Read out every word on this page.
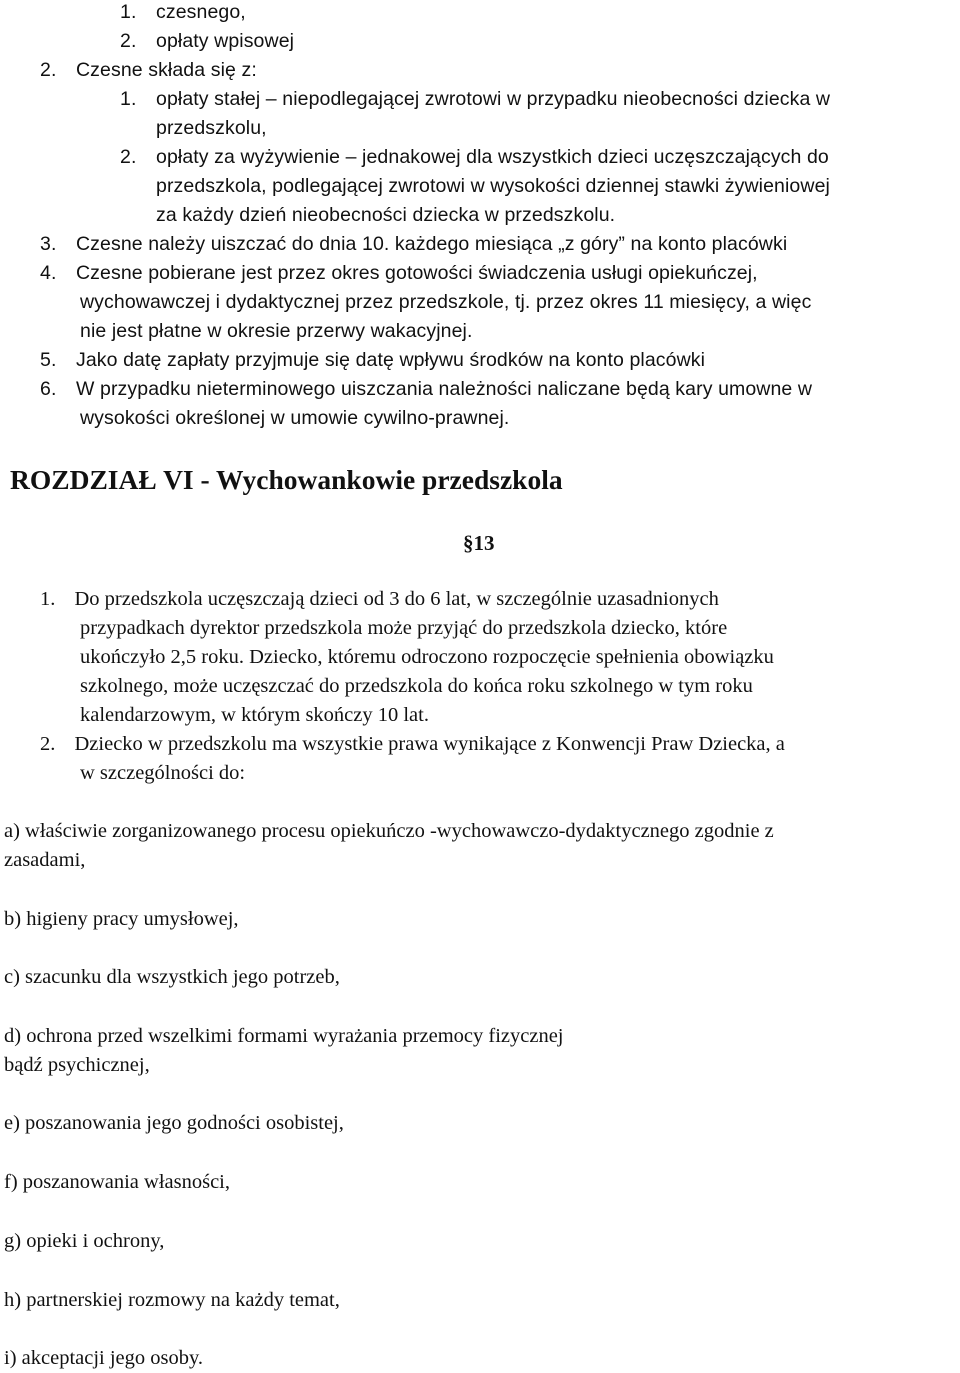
1. czesnego,
2. opłaty wpisowej
2. Czesne składa się z:
1. opłaty stałej – niepodlegającej zwrotowi w przypadku nieobecności dziecka w
przedszkolu,
2. opłaty za wyżywienie – jednakowej dla wszystkich dzieci uczęszczających do
przedszkola, podlegającej zwrotowi w wysokości dziennej stawki żywieniowej
za każdy dzień nieobecności dziecka w przedszkolu.
3. Czesne należy uiszczać do dnia 10. każdego miesiąca „z góry” na konto placówki
4. Czesne pobierane jest przez okres gotowości świadczenia usługi opiekuńczej,
wychowawczej i dydaktycznej przez przedszkole, tj. przez okres 11 miesięcy, a więc
nie jest płatne w okresie przerwy wakacyjnej.
5. Jako datę zapłaty przyjmuje się datę wpływu środków na konto placówki
6. W przypadku nieterminowego uiszczania należności naliczane będą kary umowne w
wysokości określonej w umowie cywilno-prawnej.
ROZDZIAŁ VI - Wychowankowie przedszkola
§13
1. Do przedszkola uczęszczają dzieci od 3 do 6 lat, w szczególnie uzasadnionych
przypadkach dyrektor przedszkola może przyjąć do przedszkola dziecko, które
ukończyło 2,5 roku. Dziecko, któremu odroczono rozpoczęcie spełnienia obowiązku
szkolnego, może uczęszczać do przedszkola do końca roku szkolnego w tym roku
kalendarzowym, w którym skończy 10 lat.
2. Dziecko w przedszkolu ma wszystkie prawa wynikające z Konwencji Praw Dziecka, a
w szczególności do:
a) właściwie zorganizowanego procesu opiekuńczo -wychowawczo-dydaktycznego zgodnie z
zasadami,
b) higieny pracy umysłowej,
c) szacunku dla wszystkich jego potrzeb,
d) ochrona przed wszelkimi formami wyrażania przemocy fizycznej
bądź psychicznej,
e) poszanowania jego godności osobistej,
f) poszanowania własności,
g) opieki i ochrony,
h) partnerskiej rozmowy na każdy temat,
i) akceptacji jego osoby.
